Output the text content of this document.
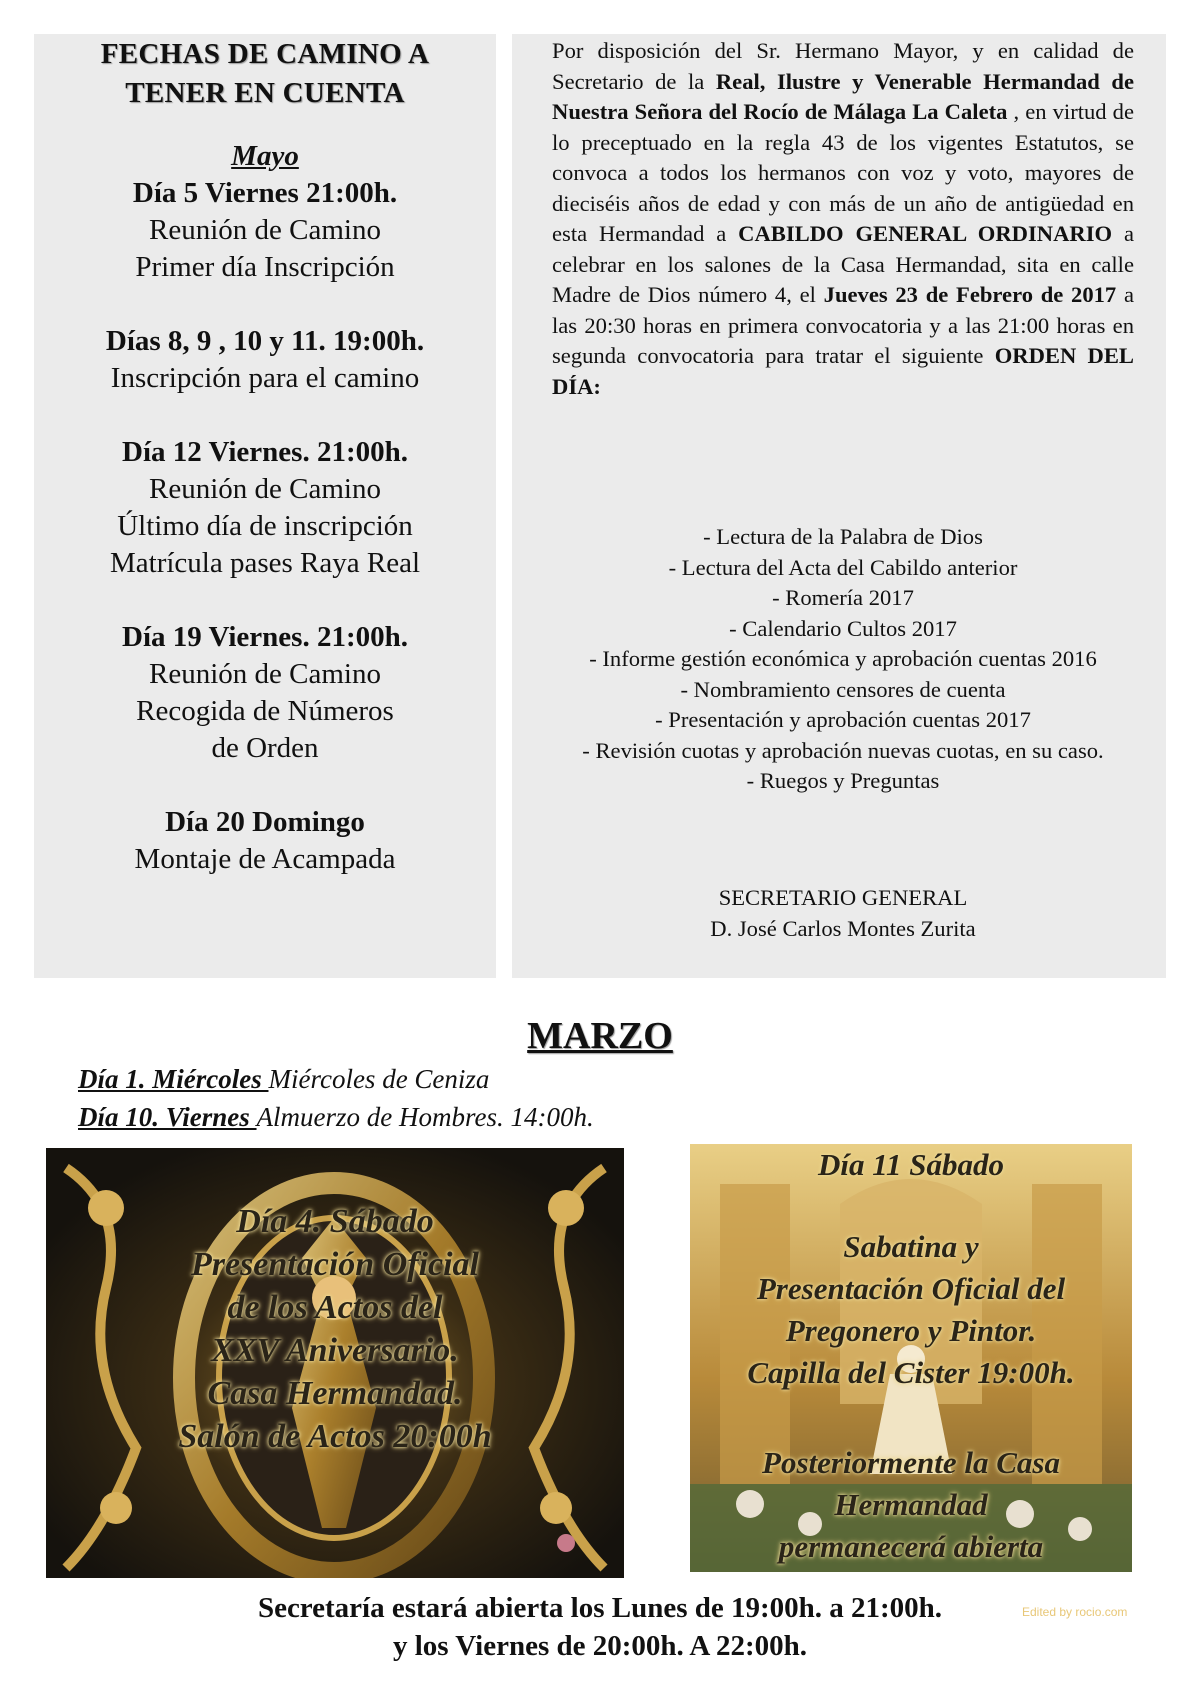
FECHAS DE CAMINO A
TENER EN CUENTA
Mayo
Día 5 Viernes 21:00h.
Reunión de Camino
Primer día Inscripción
Días 8, 9 , 10 y 11. 19:00h.
Inscripción para el camino
Día 12 Viernes. 21:00h.
Reunión de Camino
Último día de inscripción
Matrícula pases Raya Real
Día 19 Viernes. 21:00h.
Reunión de Camino
Recogida de Números
de Orden
Día 20 Domingo
Montaje de Acampada
Por disposición del Sr. Hermano Mayor, y en calidad de Secretario de la Real, Ilustre y Venerable Hermandad de Nuestra Señora del Rocío de Málaga La Caleta , en virtud de lo preceptuado en la regla 43 de los vigentes Estatutos, se convoca a todos los hermanos con voz y voto, mayores de dieciséis años de edad y con más de un año de antigüedad en esta Hermandad a CABILDO GENERAL ORDINARIO a celebrar en los salones de la Casa Hermandad, sita en calle Madre de Dios número 4, el Jueves 23 de Febrero de 2017 a las 20:30 horas en primera convocatoria y a las 21:00 horas en segunda convocatoria para tratar el siguiente ORDEN DEL DÍA:
- Lectura de la Palabra de Dios
- Lectura del Acta del Cabildo anterior
- Romería 2017
- Calendario Cultos 2017
- Informe gestión económica y aprobación cuentas 2016
- Nombramiento censores de cuenta
- Presentación y aprobación cuentas 2017
- Revisión cuotas y aprobación nuevas cuotas, en su caso.
- Ruegos y Preguntas
SECRETARIO GENERAL
D. José Carlos Montes Zurita
MARZO
Día 1. Miércoles Miércoles de Ceniza
Día 10. Viernes Almuerzo de Hombres. 14:00h.
Día 4. Sábado
Presentación Oficial
de los Actos del
XXV Aniversario.
Casa Hermandad.
Salón de Actos 20:00h
Día 11 Sábado
Sabatina y
Presentación Oficial del
Pregonero y Pintor.
Capilla del Cister 19:00h.
Posteriormente la Casa
Hermandad
permanecerá abierta
Secretaría estará abierta los Lunes de 19:00h. a 21:00h.
y los Viernes de 20:00h. A 22:00h.
Edited by rocio.com
